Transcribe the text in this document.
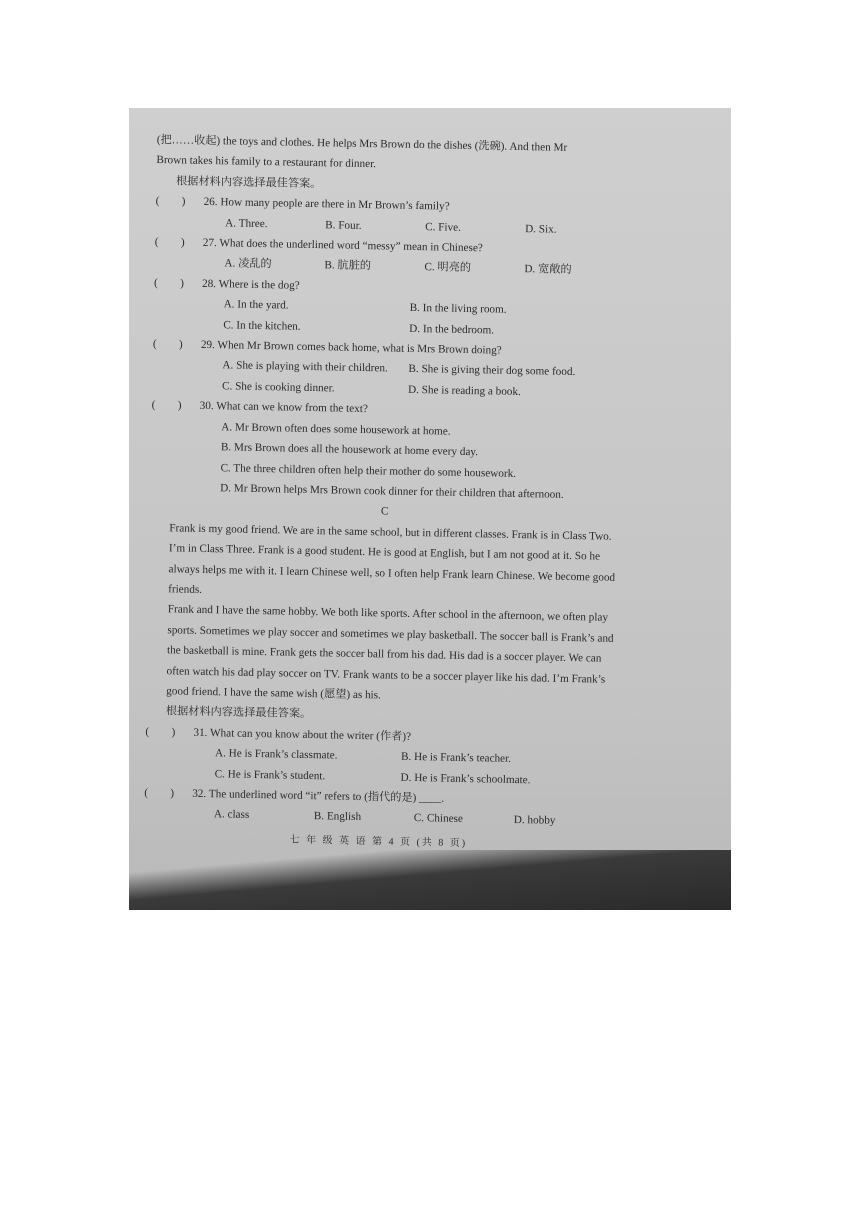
(把……收起) the toys and clothes. He helps Mrs Brown do the dishes (洗碗). And then Mr
Brown takes his family to a restaurant for dinner.
根据材料内容选择最佳答案。
(　　) 26. How many people are there in Mr Brown’s family?
A. Three.	B. Four.	C. Five.	D. Six.
(　　) 27. What does the underlined word “messy” mean in Chinese?
A. 凌乱的	B. 肮脏的	C. 明亮的	D. 宽敞的
(　　) 28. Where is the dog?
A. In the yard.	B. In the living room.
C. In the kitchen.	D. In the bedroom.
(　　) 29. When Mr Brown comes back home, what is Mrs Brown doing?
A. She is playing with their children.	B. She is giving their dog some food.
C. She is cooking dinner.	D. She is reading a book.
(　　) 30. What can we know from the text?
A. Mr Brown often does some housework at home.
B. Mrs Brown does all the housework at home every day.
C. The three children often help their mother do some housework.
D. Mr Brown helps Mrs Brown cook dinner for their children that afternoon.
C
Frank is my good friend. We are in the same school, but in different classes. Frank is in Class Two. I’m in Class Three. Frank is a good student. He is good at English, but I am not good at it. So he always helps me with it. I learn Chinese well, so I often help Frank learn Chinese. We become good friends.
Frank and I have the same hobby. We both like sports. After school in the afternoon, we often play sports. Sometimes we play soccer and sometimes we play basketball. The soccer ball is Frank’s and the basketball is mine. Frank gets the soccer ball from his dad. His dad is a soccer player. We can often watch his dad play soccer on TV. Frank wants to be a soccer player like his dad. I’m Frank’s good friend. I have the same wish (愿望) as his.
根据材料内容选择最佳答案。
(　　) 31. What can you know about the writer (作者)?
A. He is Frank’s classmate.	B. He is Frank’s teacher.
C. He is Frank’s student.	D. He is Frank’s schoolmate.
(　　) 32. The underlined word “it” refers to (指代的是) ____.
A. class	B. English	C. Chinese	D. hobby
七 年 级 英 语 第 4 页 (共 8 页)
